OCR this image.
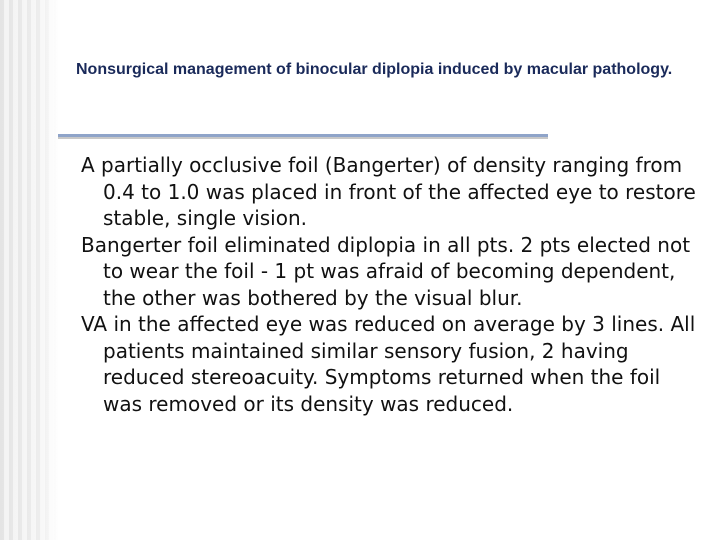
Nonsurgical management of binocular diplopia induced by macular pathology.

A partially occlusive foil (Bangerter) of density ranging from 0.4 to 1.0 was placed in front of the affected eye to restore stable, single vision.

Bangerter foil eliminated diplopia in all pts. 2 pts elected not to wear the foil - 1 pt was afraid of becoming dependent, the other was bothered by the visual blur.

VA in the affected eye was reduced on average by 3 lines. All patients maintained similar sensory fusion, 2 having reduced stereoacuity. Symptoms returned when the foil was removed or its density was reduced.
